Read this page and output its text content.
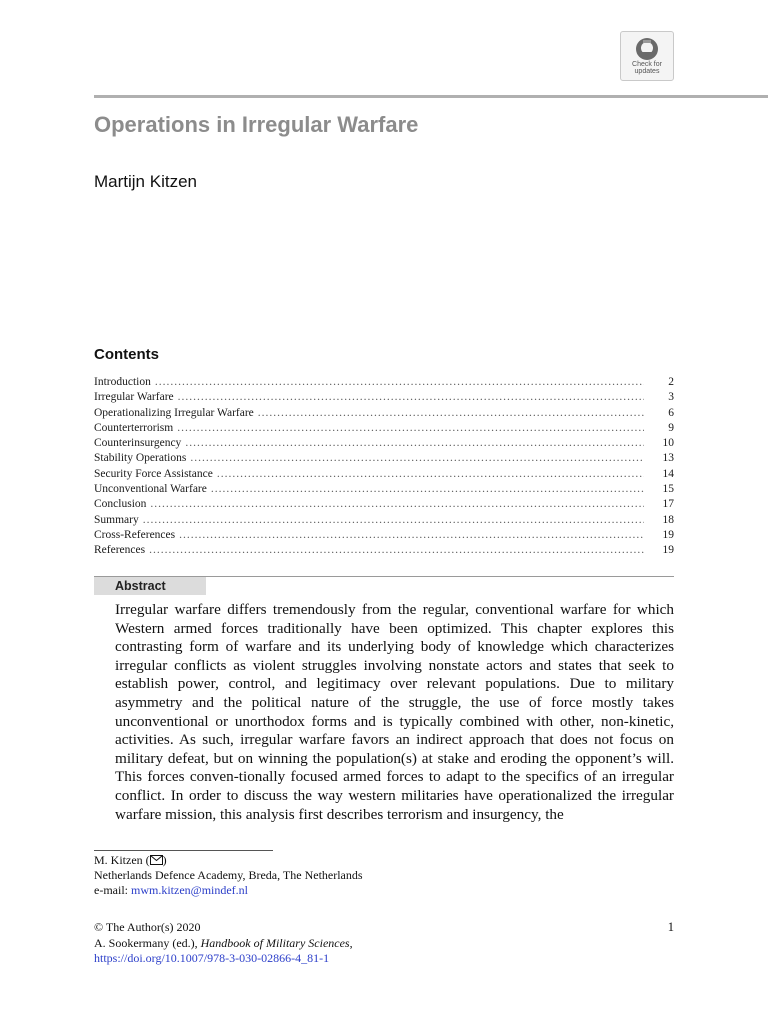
Check for
updates
Operations in Irregular Warfare
Martijn Kitzen
Contents
Introduction .....	2
Irregular Warfare .....	3
Operationalizing Irregular Warfare .....	6
Counterterrorism .....	9
Counterinsurgency .....	10
Stability Operations .....	13
Security Force Assistance .....	14
Unconventional Warfare .....	15
Conclusion .....	17
Summary .....	18
Cross-References .....	19
References .....	19
Abstract

Irregular warfare differs tremendously from the regular, conventional warfare for which Western armed forces traditionally have been optimized. This chapter explores this contrasting form of warfare and its underlying body of knowledge which characterizes irregular conflicts as violent struggles involving nonstate actors and states that seek to establish power, control, and legitimacy over relevant populations. Due to military asymmetry and the political nature of the struggle, the use of force mostly takes unconventional or unorthodox forms and is typically combined with other, non-kinetic, activities. As such, irregular warfare favors an indirect approach that does not focus on military defeat, but on winning the population(s) at stake and eroding the opponent’s will. This forces conven-tionally focused armed forces to adapt to the specifics of an irregular conflict. In order to discuss the way western militaries have operationalized the irregular warfare mission, this analysis first describes terrorism and insurgency, the

M. Kitzen ( )
Netherlands Defence Academy, Breda, The Netherlands
e-mail: mwm.kitzen@mindef.nl
© The Author(s) 2020	1
A. Sookermany (ed.), Handbook of Military Sciences,
https://doi.org/10.1007/978-3-030-02866-4_81-1
